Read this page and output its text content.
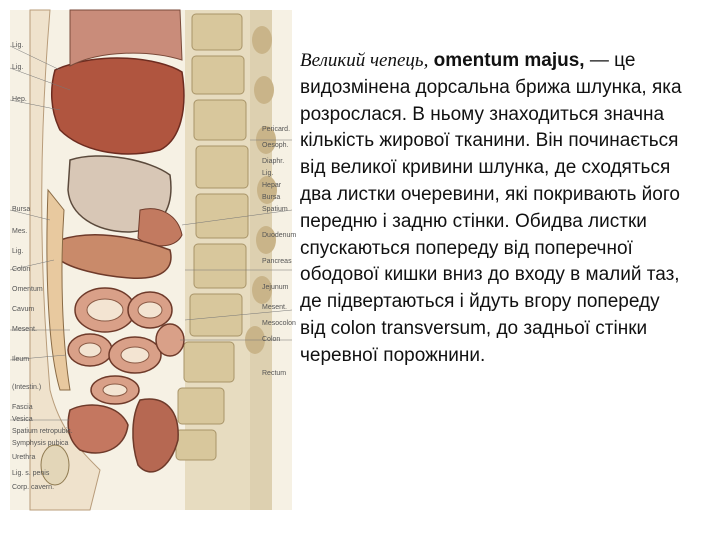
Lig.
Lig.
Hep.
Bursa
Mes.
Lig.
Colon
Omentum
Cavum
Mesent.
Ileum
(Intestin.)
Fascia
Vesica
Spatium retropubic.
Symphysis pubica
Urethra
Lig. s. penis
Corp. cavern.
Pericard.
Oesoph.
Diaphr.
Lig.
Hepar
Bursa
Spatium
Duodenum
Pancreas
Jejunum
Mesent.
Mesocolon
Colon
Rectum
Великий чепець, omentum majus, — це видозмінена дорсальна брижа шлунка, яка розрослася. В ньому знаходиться значна кількість жирової тканини. Він починається від великої кривини шлунка, де сходяться два листки очеревини, які покривають його передню і задню стінки. Обидва листки спускаються попереду від поперечної ободової кишки вниз до входу в малий таз, де підвертаються і йдуть вгору попереду від colon transversum, до задньої стінки черевної порожнини.
